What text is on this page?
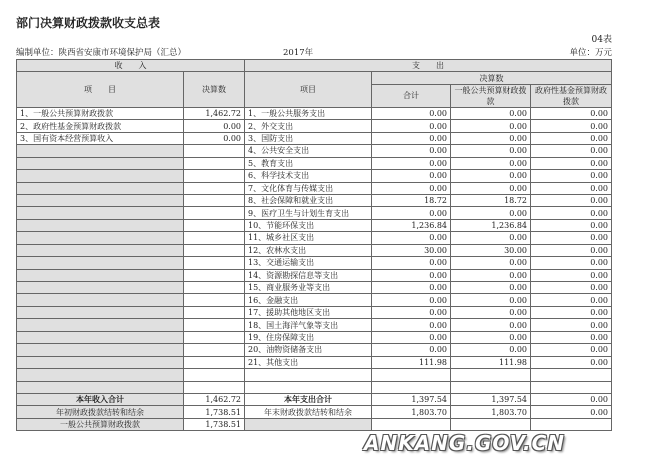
部门决算财政拨款收支总表
04表
编制单位：陕西省安康市环境保护局（汇总）	2017年	单位：万元
收　　入		支　　出			
项　　目	决算数	项目	决算数		
			合计	一般公共预算财政拨款	政府性基金预算财政拨款

1、一般公共预算财政拨款	1,462.72	1、一般公共服务支出	0.00	0.00	0.00
2、政府性基金预算财政拨款	0.00	2、外交支出	0.00	0.00	0.00
3、国有资本经营预算收入	0.00	3、国防支出	0.00	0.00	0.00
		4、公共安全支出	0.00	0.00	0.00
		5、教育支出	0.00	0.00	0.00
		6、科学技术支出	0.00	0.00	0.00
		7、文化体育与传媒支出	0.00	0.00	0.00
		8、社会保障和就业支出	18.72	18.72	0.00
		9、医疗卫生与计划生育支出	0.00	0.00	0.00
		10、节能环保支出	1,236.84	1,236.84	0.00
		11、城乡社区支出	0.00	0.00	0.00
		12、农林水支出	30.00	30.00	0.00
		13、交通运输支出	0.00	0.00	0.00
		14、资源勘探信息等支出	0.00	0.00	0.00
		15、商业服务业等支出	0.00	0.00	0.00
		16、金融支出	0.00	0.00	0.00
		17、援助其他地区支出	0.00	0.00	0.00
		18、国土海洋气象等支出	0.00	0.00	0.00
		19、住房保障支出	0.00	0.00	0.00
		20、油物资储备支出	0.00	0.00	0.00
		21、其他支出	111.98	111.98	0.00

本年收入合计	1,462.72	本年支出合计	1,397.54	1,397.54	0.00
年初财政拨款结转和结余	1,738.51	年末财政拨款结转和结余	1,803.70	1,803.70	0.00
一般公共预算财政拨款	1,738.51				
ANKANG.GOV.CN
